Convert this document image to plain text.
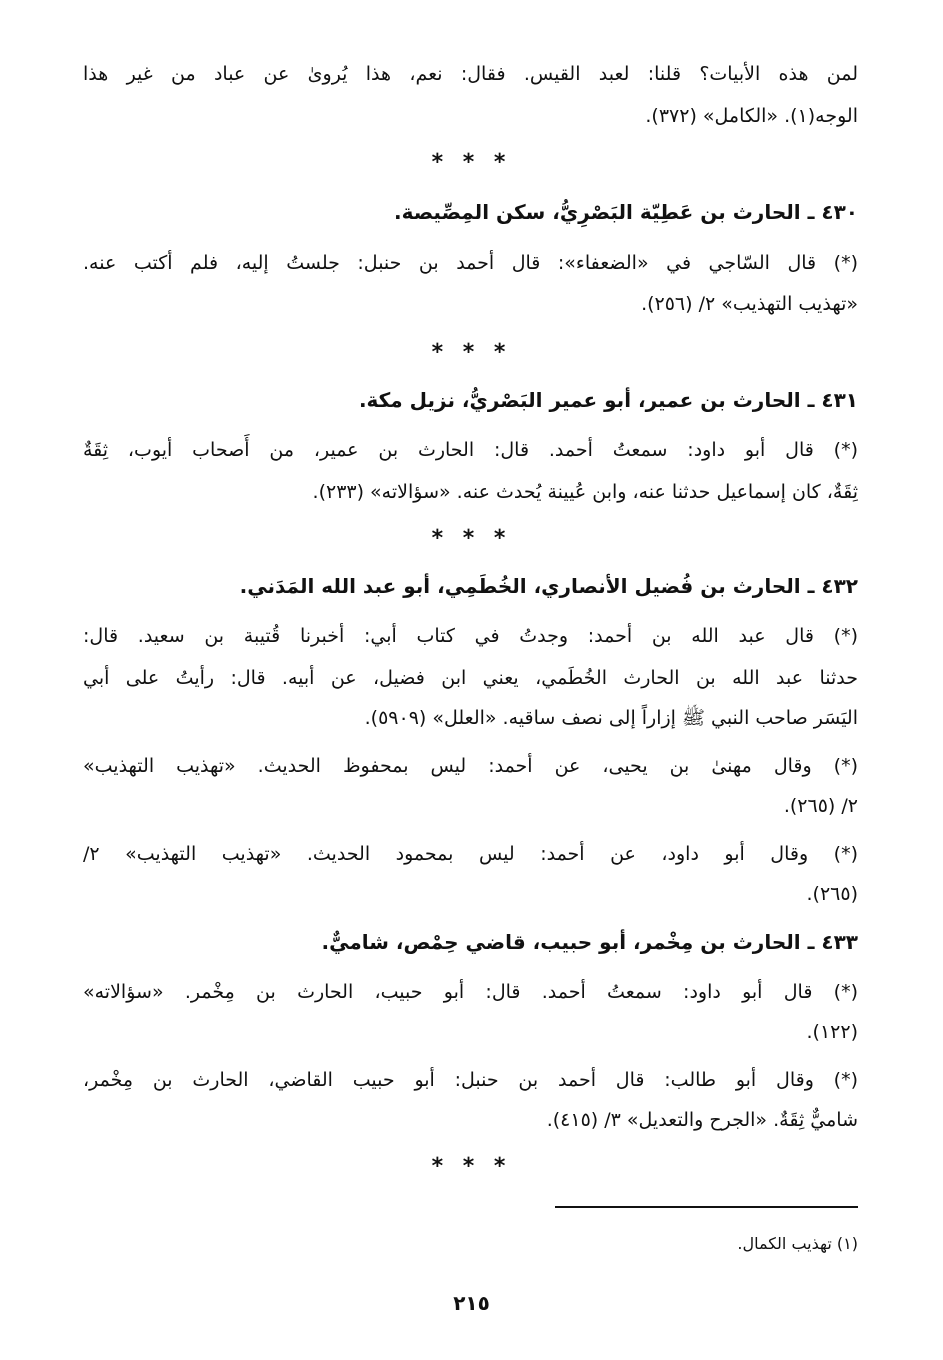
لمن هذه الأبيات؟ قلنا: لعبد القيس. فقال: نعم، هذا يُروىٰ عن عباد من غير هذا
الوجه(١). «الكامل» (٣٧٢).
* * *
٤٣٠ ـ الحارث بن عَطِيّة البَصْرِيُّ، سكن المِصِّيصة.
(*) قال السّاجي في «الضعفاء»: قال أحمد بن حنبل: جلستُ إليه، فلم أكتب عنه.
«تهذيب التهذيب» ٢/ (٢٥٦).
* * *
٤٣١ ـ الحارث بن عمير، أبو عمير البَصْريُّ، نزيل مكة.
(*) قال أبو داود: سمعتُ أحمد. قال: الحارث بن عمير، من أَصحاب أيوب، ثِقَةٌ
ثِقَةٌ، كان إسماعيل حدثنا عنه، وابن عُيينة يُحدث عنه. «سؤالاته» (٢٣٣).
* * *
٤٣٢ ـ الحارث بن فُضيل الأنصاري، الخُطَمِي، أبو عبد الله المَدَني.
(*) قال عبد الله بن أحمد: وجدتُ في كتاب أبي: أخبرنا قُتيبة بن سعيد. قال:
حدثنا عبد الله بن الحارث الخُطَمي، يعني ابن فضيل، عن أبيه. قال: رأيتُ على أبي
اليَسَر صاحب النبي ﷺ إزاراً إلى نصف ساقيه. «العلل» (٥٩٠٩).
(*) وقال مهنىٰ بن يحيى، عن أحمد: ليس بمحفوظ الحديث. «تهذيب التهذيب»
٢/ (٢٦٥).
(*) وقال أبو داود، عن أحمد: ليس بمحمود الحديث. «تهذيب التهذيب» ٢/
(٢٦٥).
٤٣٣ ـ الحارث بن مِخْمر، أبو حبيب، قاضي حِمْص، شاميٌّ.
(*) قال أبو داود: سمعتُ أحمد. قال: أبو حبيب، الحارث بن مِخْمر. «سؤالاته»
(١٢٢).
(*) وقال أبو طالب: قال أحمد بن حنبل: أبو حبيب القاضي، الحارث بن مِخْمر،
شاميٌّ ثِقَةٌ. «الجرح والتعديل» ٣/ (٤١٥).
* * *
(١) تهذيب الكمال.
٢١٥
